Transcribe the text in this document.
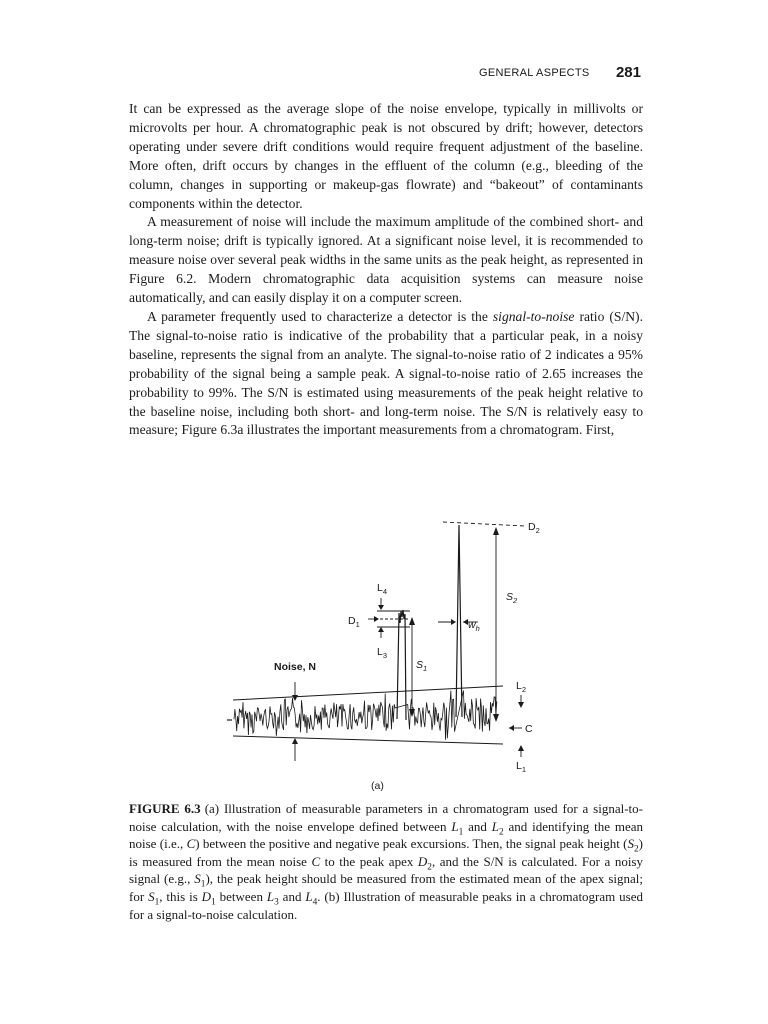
GENERAL ASPECTS 281

It can be expressed as the average slope of the noise envelope, typically in millivolts or microvolts per hour. A chromatographic peak is not obscured by drift; however, detectors operating under severe drift conditions would require frequent adjustment of the baseline. More often, drift occurs by changes in the effluent of the column (e.g., bleeding of the column, changes in supporting or makeup-gas flowrate) and “bakeout” of contaminants components within the detector.

A measurement of noise will include the maximum amplitude of the combined short- and long-term noise; drift is typically ignored. At a significant noise level, it is recommended to measure noise over several peak widths in the same units as the peak height, as represented in Figure 6.2. Modern chromatographic data acquisition systems can measure noise automatically, and can easily display it on a computer screen.

A parameter frequently used to characterize a detector is the signal-to-noise ratio (S/N). The signal-to-noise ratio is indicative of the probability that a particular peak, in a noisy baseline, represents the signal from an analyte. The signal-to-noise ratio of 2 indicates a 95% probability of the signal being a sample peak. A signal-to-noise ratio of 2.65 increases the probability to 99%. The S/N is estimated using measurements of the peak height relative to the baseline noise, including both short- and long-term noise. The S/N is relatively easy to measure; Figure 6.3a illustrates the important measurements from a chromatogram. First,

$D_2$
$S_2$
$L_4$
$D_1$
$L_3$
$S_1$
$w_h$
Noise, N
$L_2$
C
$L_1$
(a)

FIGURE 6.3 (a) Illustration of measurable parameters in a chromatogram used for a signal-to-noise calculation, with the noise envelope defined between $L_1$ and $L_2$ and identifying the mean noise (i.e., C) between the positive and negative peak excursions. Then, the signal peak height $(S_2)$ is measured from the mean noise C to the peak apex $D_2$, and the S/N is calculated. For a noisy signal (e.g., $S_1$), the peak height should be measured from the estimated mean of the apex signal; for $S_1$, this is $D_1$ between $L_3$ and $L_4$. (b) Illustration of measurable peaks in a chromatogram used for a signal-to-noise calculation.
